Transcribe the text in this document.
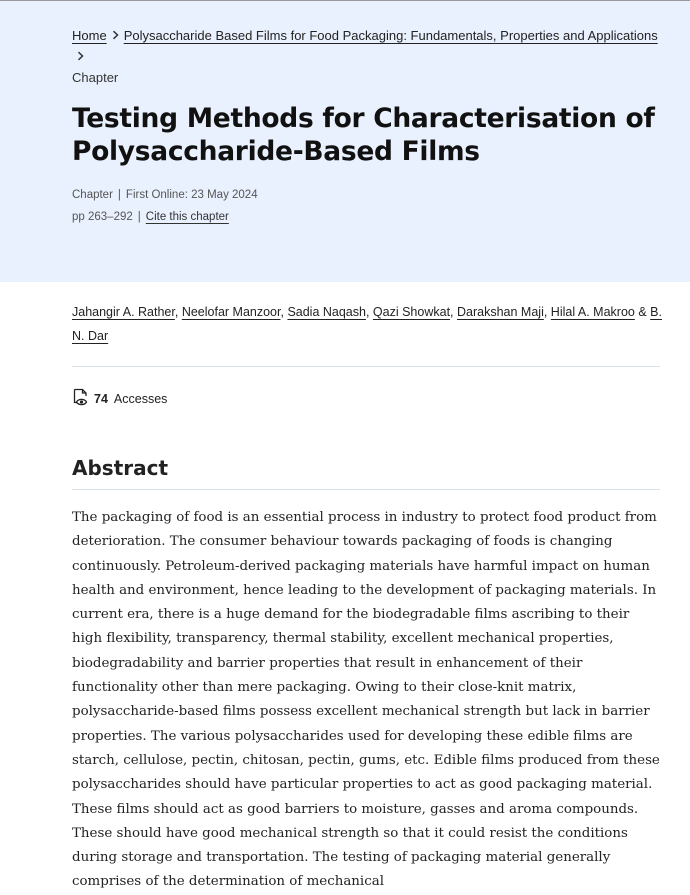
Home Polysaccharide Based Films for Food Packaging: Fundamentals, Properties and Applications
Chapter
Testing Methods for Characterisation of Polysaccharide-Based Films
Chapter | First Online: 23 May 2024
pp 263–292 | Cite this chapter
Jahangir A. Rather, Neelofar Manzoor, Sadia Naqash, Qazi Showkat, Darakshan Maji, Hilal A. Makroo & B. N. Dar
74 Accesses
Abstract

The packaging of food is an essential process in industry to protect food product from deterioration. The consumer behaviour towards packaging of foods is changing continuously. Petroleum-derived packaging materials have harmful impact on human health and environment, hence leading to the development of packaging materials. In current era, there is a huge demand for the biodegradable films ascribing to their high flexibility, transparency, thermal stability, excellent mechanical properties, biodegradability and barrier properties that result in enhancement of their functionality other than mere packaging. Owing to their close-knit matrix, polysaccharide-based films possess excellent mechanical strength but lack in barrier properties. The various polysaccharides used for developing these edible films are starch, cellulose, pectin, chitosan, pectin, gums, etc. Edible films produced from these polysaccharides should have particular properties to act as good packaging material. These films should act as good barriers to moisture, gasses and aroma compounds. These should have good mechanical strength so that it could resist the conditions during storage and transportation. The testing of packaging material generally comprises of the determination of mechanical
